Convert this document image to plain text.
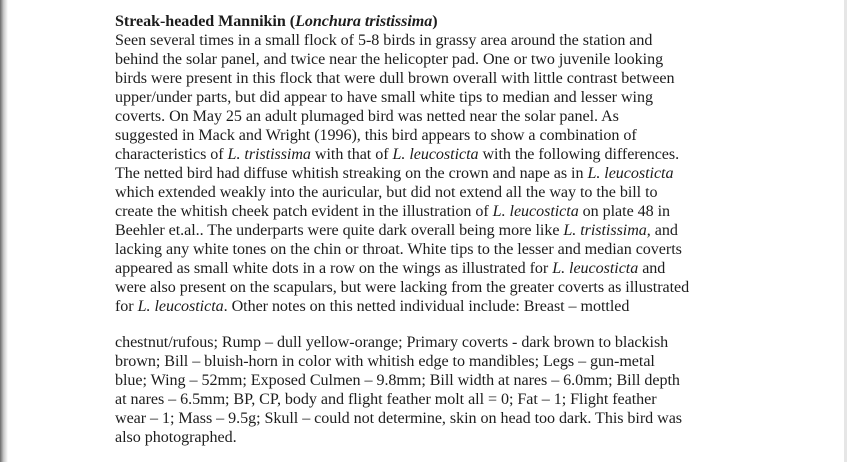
Streak-headed Mannikin (Lonchura tristissima)
Seen several times in a small flock of 5-8 birds in grassy area around the station and
behind the solar panel, and twice near the helicopter pad. One or two juvenile looking
birds were present in this flock that were dull brown overall with little contrast between
upper/under parts, but did appear to have small white tips to median and lesser wing
coverts. On May 25 an adult plumaged bird was netted near the solar panel. As
suggested in Mack and Wright (1996), this bird appears to show a combination of
characteristics of L. tristissima with that of L. leucosticta with the following differences.
The netted bird had diffuse whitish streaking on the crown and nape as in L. leucosticta
which extended weakly into the auricular, but did not extend all the way to the bill to
create the whitish cheek patch evident in the illustration of L. leucosticta on plate 48 in
Beehler et.al.. The underparts were quite dark overall being more like L. tristissima, and
lacking any white tones on the chin or throat. White tips to the lesser and median coverts
appeared as small white dots in a row on the wings as illustrated for L. leucosticta and
were also present on the scapulars, but were lacking from the greater coverts as illustrated
for L. leucosticta. Other notes on this netted individual include: Breast – mottled
chestnut/rufous; Rump – dull yellow-orange; Primary coverts - dark brown to blackish
brown; Bill – bluish-horn in color with whitish edge to mandibles; Legs – gun-metal
blue; Wing – 52mm; Exposed Culmen – 9.8mm; Bill width at nares – 6.0mm; Bill depth
at nares – 6.5mm; BP, CP, body and flight feather molt all = 0; Fat – 1; Flight feather
wear – 1; Mass – 9.5g; Skull – could not determine, skin on head too dark. This bird was
also photographed.
